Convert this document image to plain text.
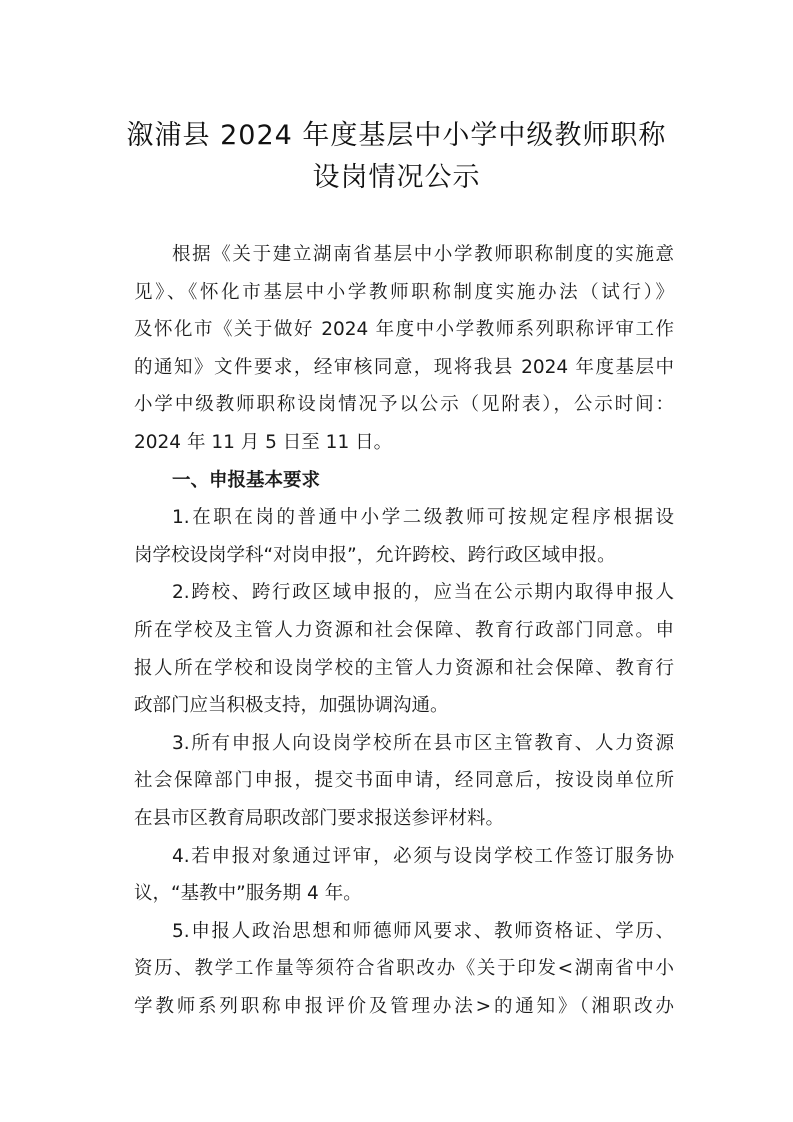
溆浦县 2024 年度基层中小学中级教师职称
设岗情况公示
根据《关于建立湖南省基层中小学教师职称制度的实施意
见》、《怀化市基层中小学教师职称制度实施办法（试行）》
及怀化市《关于做好 2024 年度中小学教师系列职称评审工作
的通知》文件要求，经审核同意，现将我县 2024 年度基层中
小学中级教师职称设岗情况予以公示（见附表），公示时间：
2024 年 11 月 5 日至 11 日。
一、申报基本要求
1.在职在岗的普通中小学二级教师可按规定程序根据设
岗学校设岗学科“对岗申报”，允许跨校、跨行政区域申报。
2.跨校、跨行政区域申报的，应当在公示期内取得申报人
所在学校及主管人力资源和社会保障、教育行政部门同意。申
报人所在学校和设岗学校的主管人力资源和社会保障、教育行
政部门应当积极支持，加强协调沟通。
3.所有申报人向设岗学校所在县市区主管教育、人力资源
社会保障部门申报，提交书面申请，经同意后，按设岗单位所
在县市区教育局职改部门要求报送参评材料。
4.若申报对象通过评审，必须与设岗学校工作签订服务协
议，“基教中”服务期 4 年。
5.申报人政治思想和师德师风要求、教师资格证、学历、
资历、教学工作量等须符合省职改办《关于印发<湖南省中小
学教师系列职称申报评价及管理办法>的通知》（湘职改办
